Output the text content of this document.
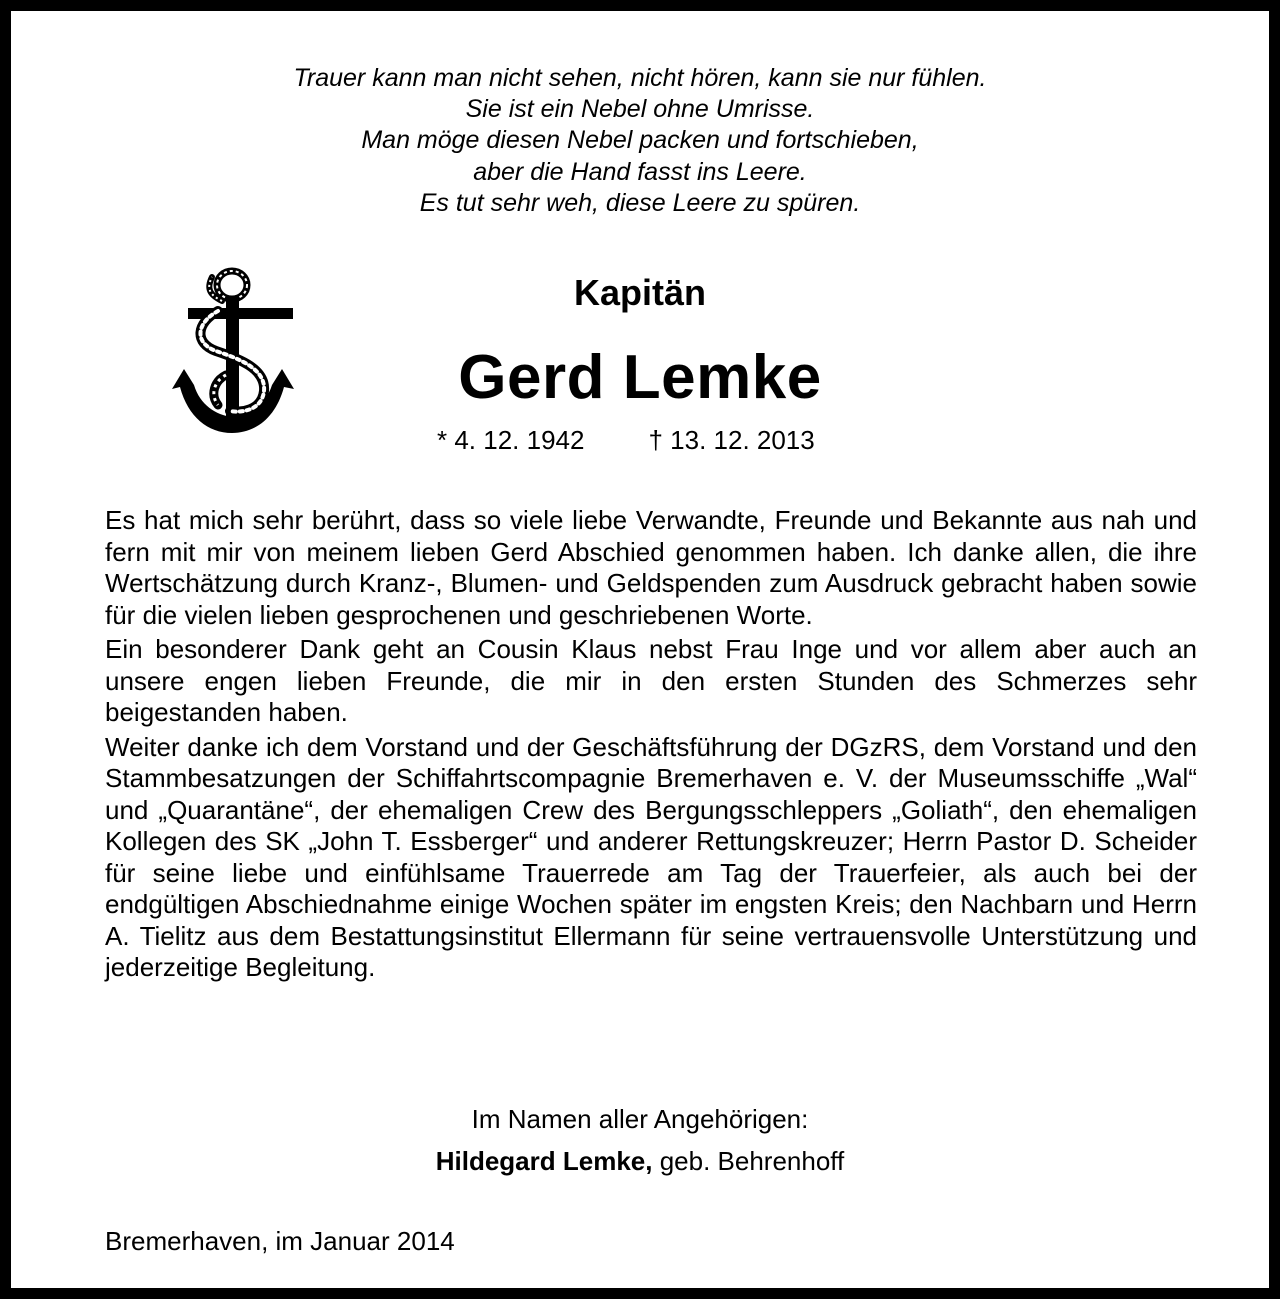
Trauer kann man nicht sehen, nicht hören, kann sie nur fühlen.
Sie ist ein Nebel ohne Umrisse.
Man möge diesen Nebel packen und fortschieben,
aber die Hand fasst ins Leere.
Es tut sehr weh, diese Leere zu spüren.
Kapitän
Gerd Lemke
* 4. 12. 1942 † 13. 12. 2013

Es hat mich sehr berührt, dass so viele liebe Verwandte, Freunde und Bekannte aus nah und fern mit mir von meinem lieben Gerd Abschied genommen haben. Ich danke allen, die ihre Wertschätzung durch Kranz-, Blumen- und Geldspenden zum Ausdruck gebracht haben sowie für die vielen lieben gesprochenen und geschriebenen Worte.

Ein besonderer Dank geht an Cousin Klaus nebst Frau Inge und vor allem aber auch an unsere engen lieben Freunde, die mir in den ersten Stunden des Schmerzes sehr beigestanden haben.

Weiter danke ich dem Vorstand und der Geschäftsführung der DGzRS, dem Vorstand und den Stammbesatzungen der Schiffahrtscompagnie Bremerhaven e. V. der Museumsschiffe „Wal“ und „Quarantäne“, der ehemaligen Crew des Bergungsschleppers „Goliath“, den ehemaligen Kollegen des SK „John T. Essberger“ und anderer Rettungskreuzer; Herrn Pastor D. Scheider für seine liebe und einfühlsame Trauerrede am Tag der Trauerfeier, als auch bei der endgültigen Abschiednahme einige Wochen später im engsten Kreis; den Nachbarn und Herrn A. Tielitz aus dem Bestattungsinstitut Ellermann für seine vertrauensvolle Unterstützung und jederzeitige Begleitung.

Im Namen aller Angehörigen:
Hildegard Lemke, geb. Behrenhoff
Bremerhaven, im Januar 2014
